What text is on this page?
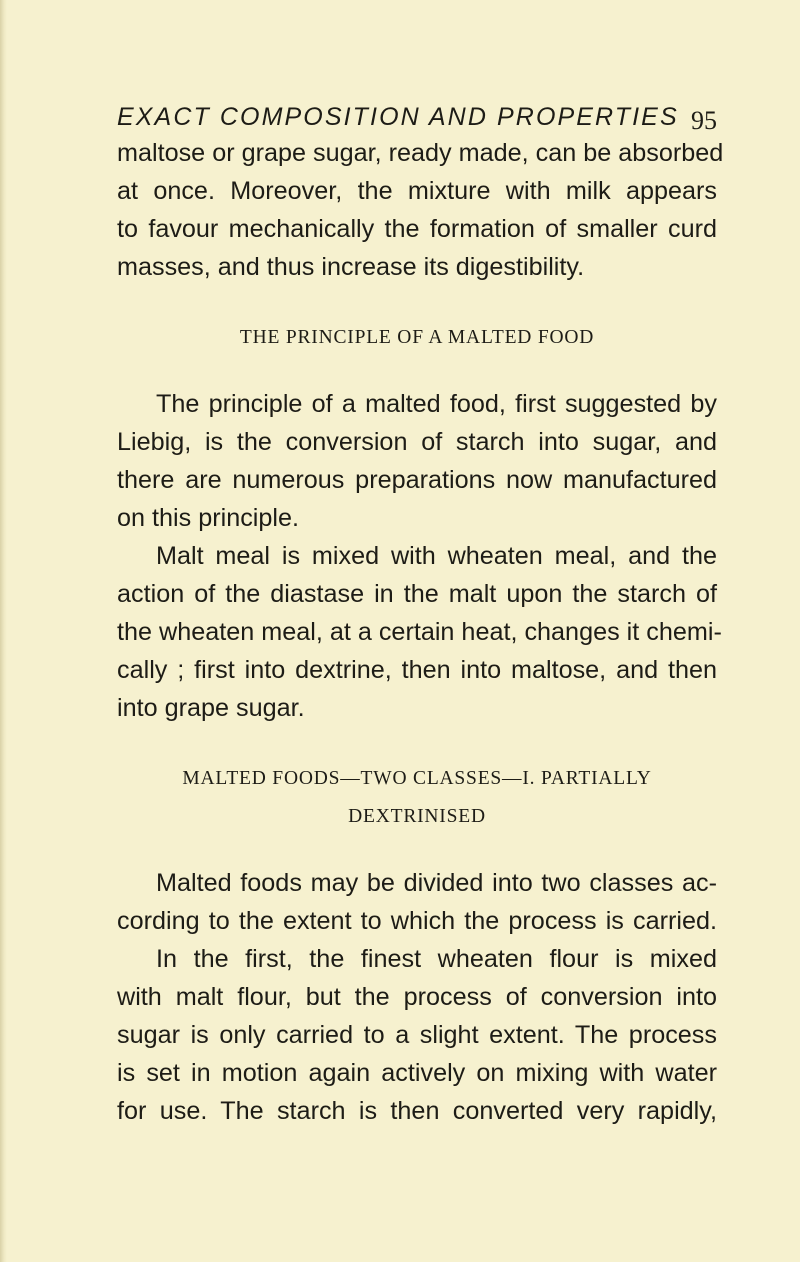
EXACT COMPOSITION AND PROPERTIES 95
maltose or grape sugar, ready made, can be absorbed
at once. Moreover, the mixture with milk appears
to favour mechanically the formation of smaller curd
masses, and thus increase its digestibility.
THE PRINCIPLE OF A MALTED FOOD
The principle of a malted food, first suggested by
Liebig, is the conversion of starch into sugar, and
there are numerous preparations now manufactured
on this principle.
Malt meal is mixed with wheaten meal, and the
action of the diastase in the malt upon the starch of
the wheaten meal, at a certain heat, changes it chemi-
cally ; first into dextrine, then into maltose, and then
into grape sugar.
MALTED FOODS—TWO CLASSES—I. PARTIALLY
DEXTRINISED
Malted foods may be divided into two classes ac-
cording to the extent to which the process is carried.
In the first, the finest wheaten flour is mixed
with malt flour, but the process of conversion into
sugar is only carried to a slight extent. The process
is set in motion again actively on mixing with water
for use. The starch is then converted very rapidly,
